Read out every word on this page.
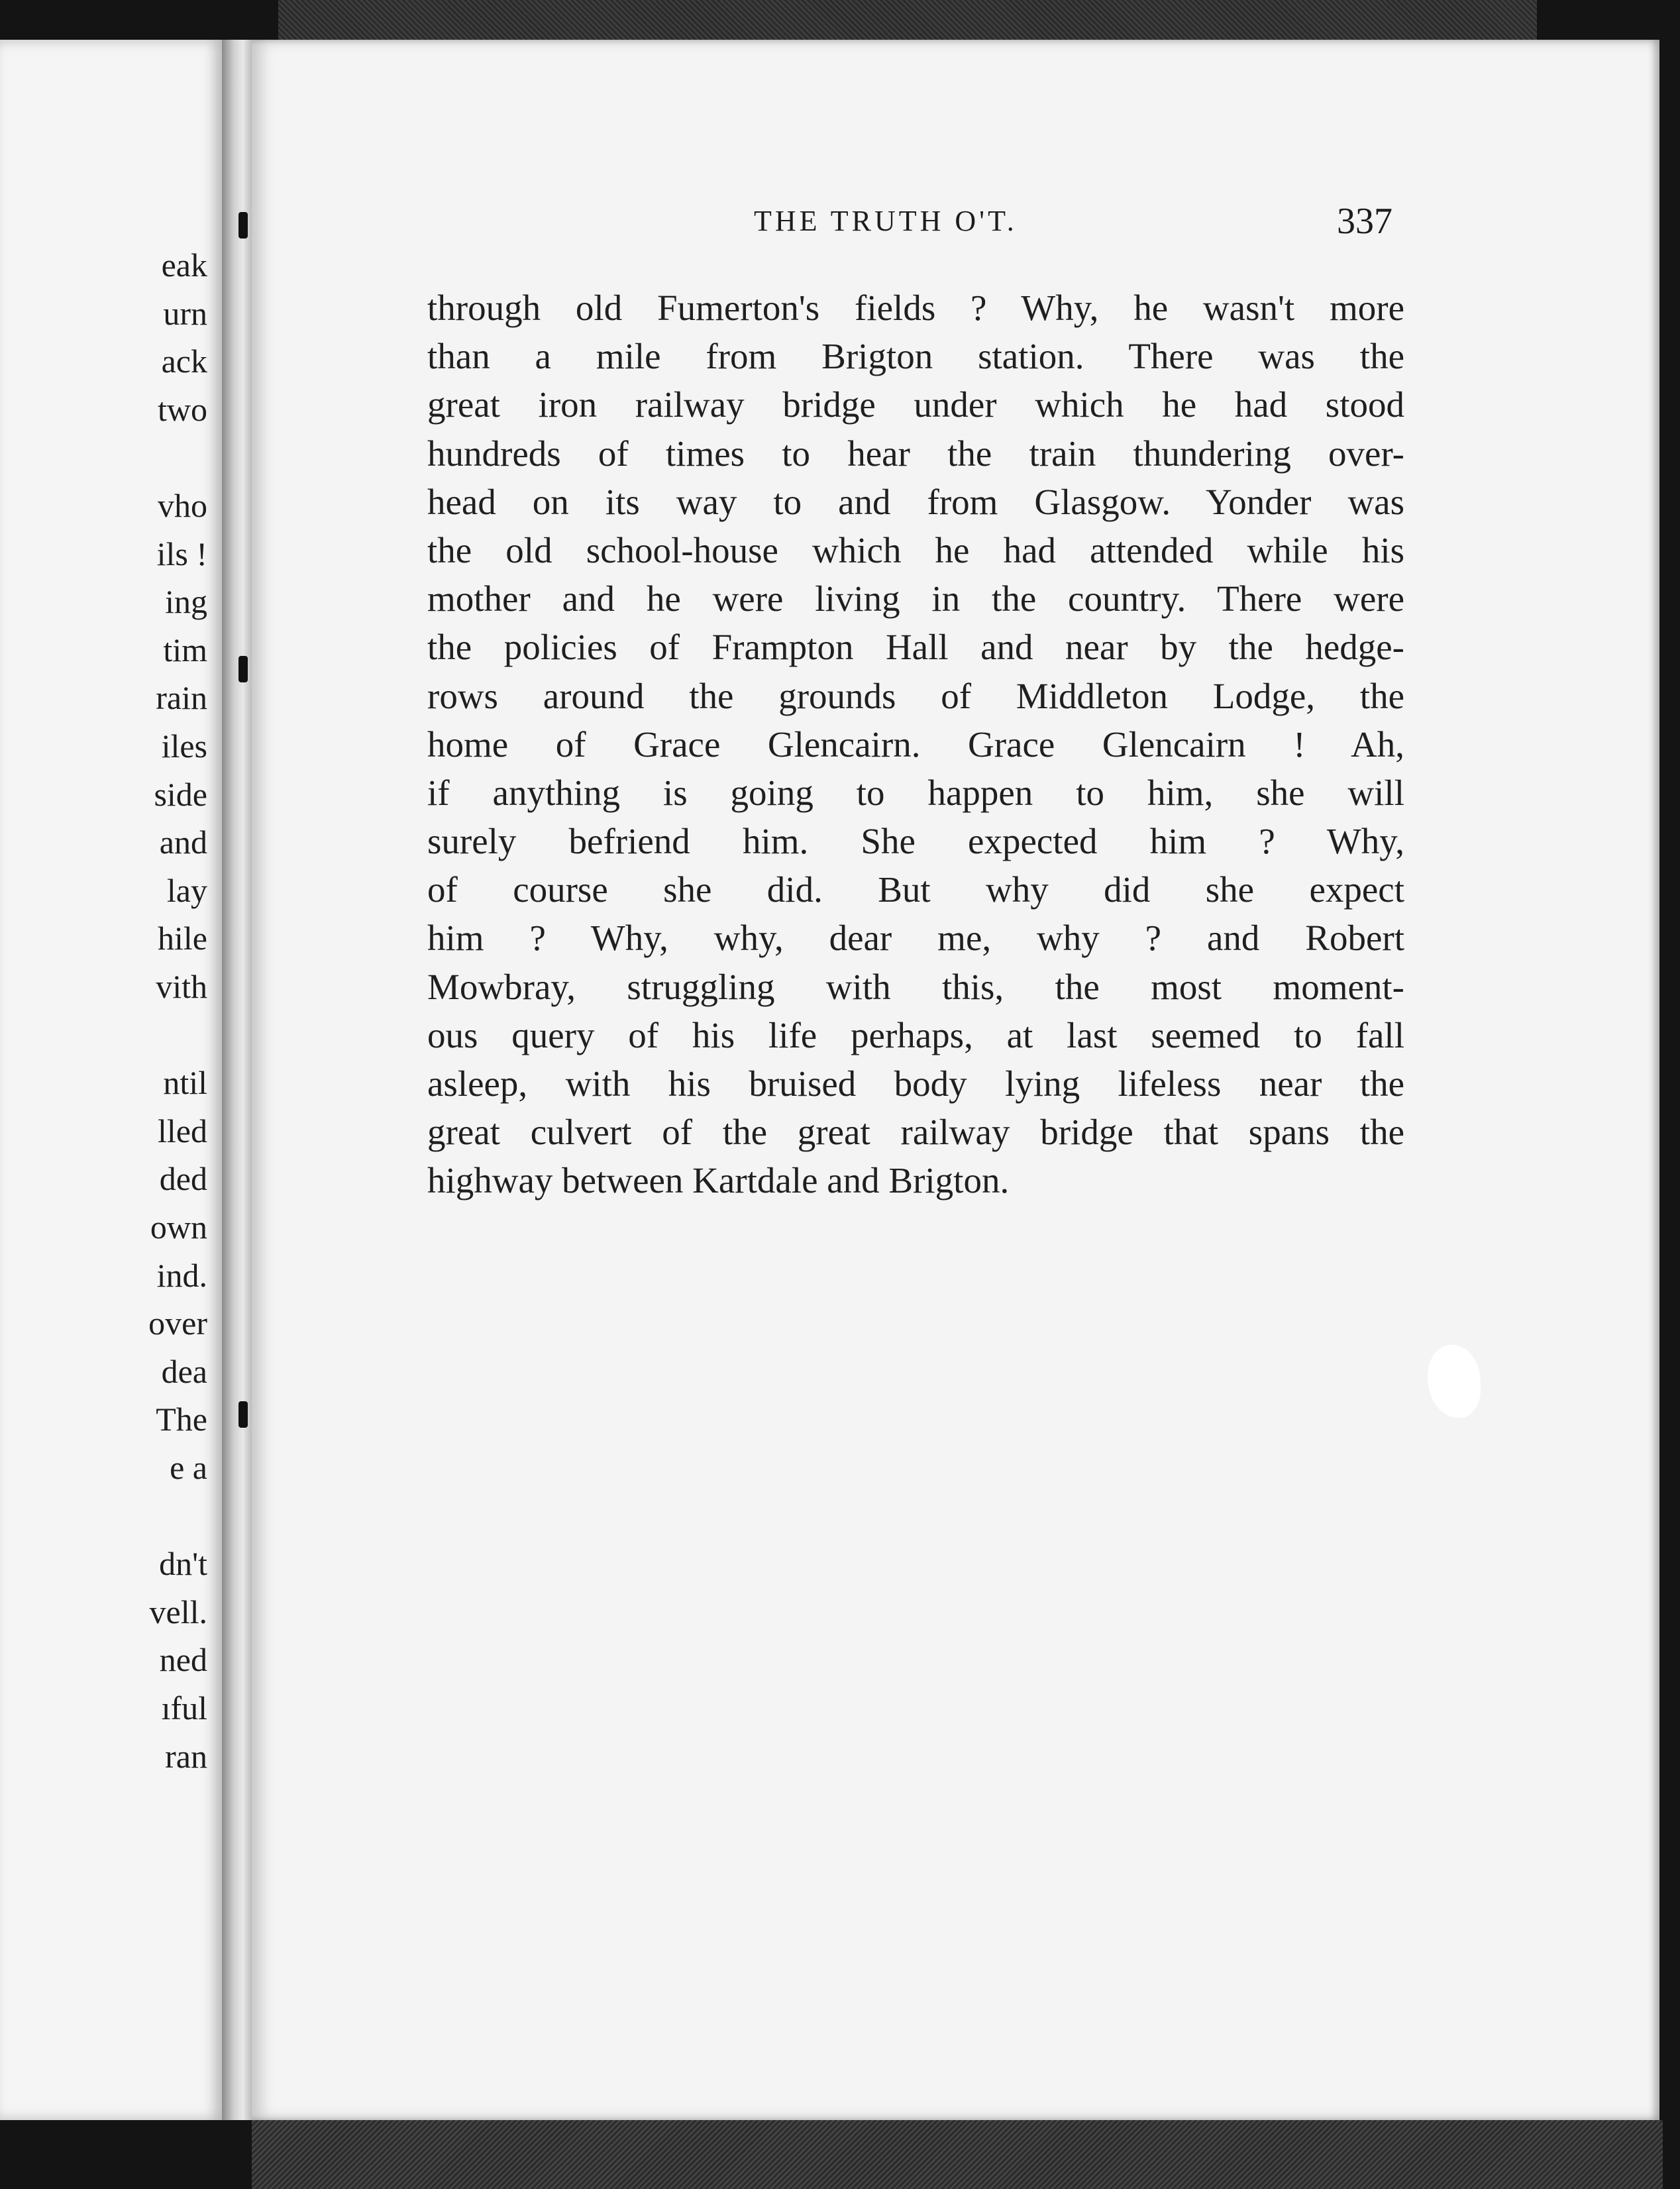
eak
urn
ack
two
vho
ils !
ing
tim
rain
iles
side
and
lay
hile
vith
ntil
lled
ded
own
ind.
over
dea
The
e a
dn't
vell.
ned
ıful
ran
THE TRUTH O'T.	337
through old Fumerton's fields ? Why, he wasn't more
than a mile from Brigton station. There was the
great iron railway bridge under which he had stood
hundreds of times to hear the train thundering over-
head on its way to and from Glasgow. Yonder was
the old school-house which he had attended while his
mother and he were living in the country. There were
the policies of Frampton Hall and near by the hedge-
rows around the grounds of Middleton Lodge, the
home of Grace Glencairn. Grace Glencairn ! Ah,
if anything is going to happen to him, she will
surely befriend him. She expected him ? Why,
of course she did. But why did she expect
him ? Why, why, dear me, why ? and Robert
Mowbray, struggling with this, the most moment-
ous query of his life perhaps, at last seemed to fall
asleep, with his bruised body lying lifeless near the
great culvert of the great railway bridge that spans the
highway between Kartdale and Brigton.
